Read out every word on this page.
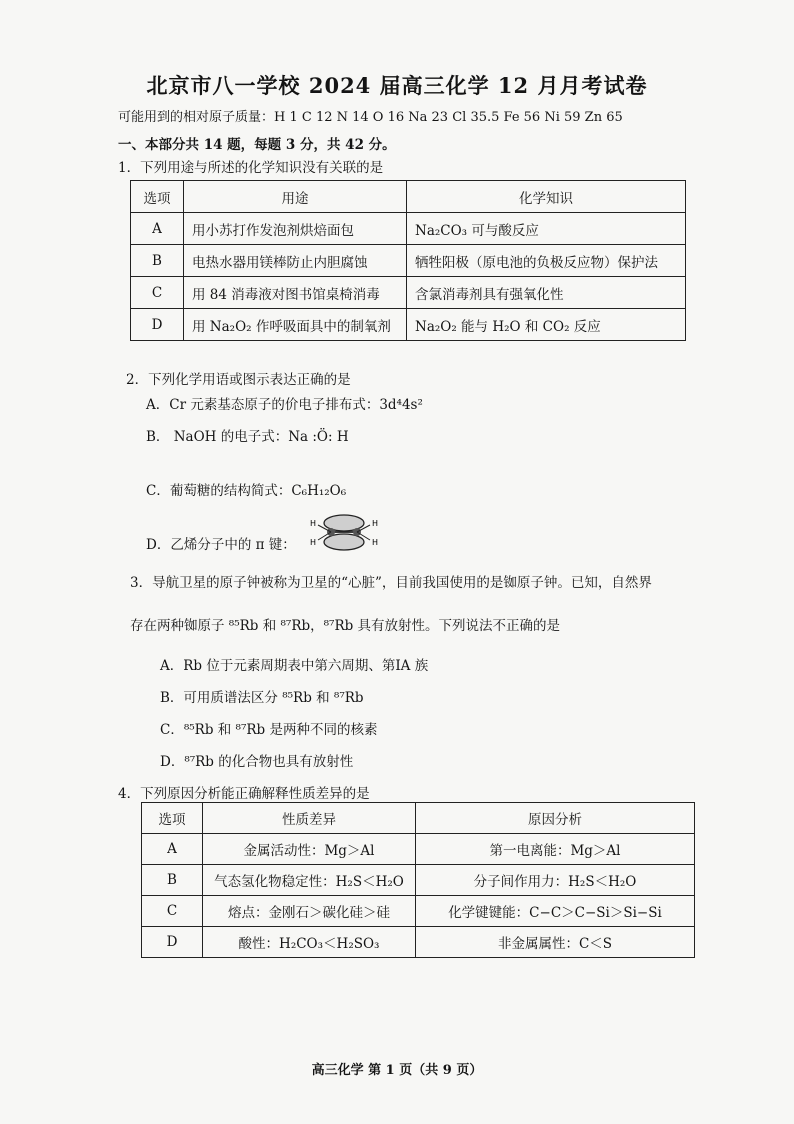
北京市八一学校 2024 届高三化学 12 月月考试卷
可能用到的相对原子质量：H 1 C 12 N 14 O 16 Na 23 Cl 35.5 Fe 56 Ni 59 Zn 65
一、本部分共 14 题，每题 3 分，共 42 分。
1．下列用途与所述的化学知识没有关联的是
选项	用途	化学知识
A	用小苏打作发泡剂烘焙面包	Na₂CO₃ 可与酸反应
B	电热水器用镁棒防止内胆腐蚀	牺牲阳极（原电池的负极反应物）保护法
C	用 84 消毒液对图书馆桌椅消毒	含氯消毒剂具有强氧化性
D	用 Na₂O₂ 作呼吸面具中的制氧剂	Na₂O₂ 能与 H₂O 和 CO₂ 反应
2．下列化学用语或图示表达正确的是
A．Cr 元素基态原子的价电子排布式：3d⁴4s²
B． NaOH 的电子式：Na :Ö: H
C．葡萄糖的结构简式：C₆H₁₂O₆
D．乙烯分子中的 π 键：
H
H
H
H
3．导航卫星的原子钟被称为卫星的“心脏”，目前我国使用的是铷原子钟。已知，自然界
存在两种铷原子 ⁸⁵Rb 和 ⁸⁷Rb，⁸⁷Rb 具有放射性。下列说法不正确的是
A．Rb 位于元素周期表中第六周期、第ⅠA 族
B．可用质谱法区分 ⁸⁵Rb 和 ⁸⁷Rb
C．⁸⁵Rb 和 ⁸⁷Rb 是两种不同的核素
D．⁸⁷Rb 的化合物也具有放射性
4．下列原因分析能正确解释性质差异的是
选项	性质差异	原因分析
A	金属活动性：Mg＞Al	第一电离能：Mg＞Al
B	气态氢化物稳定性：H₂S＜H₂O	分子间作用力：H₂S＜H₂O
C	熔点：金刚石＞碳化硅＞硅	化学键键能：C−C＞C−Si＞Si−Si
D	酸性：H₂CO₃＜H₂SO₃	非金属属性：C＜S
高三化学 第 1 页（共 9 页）
